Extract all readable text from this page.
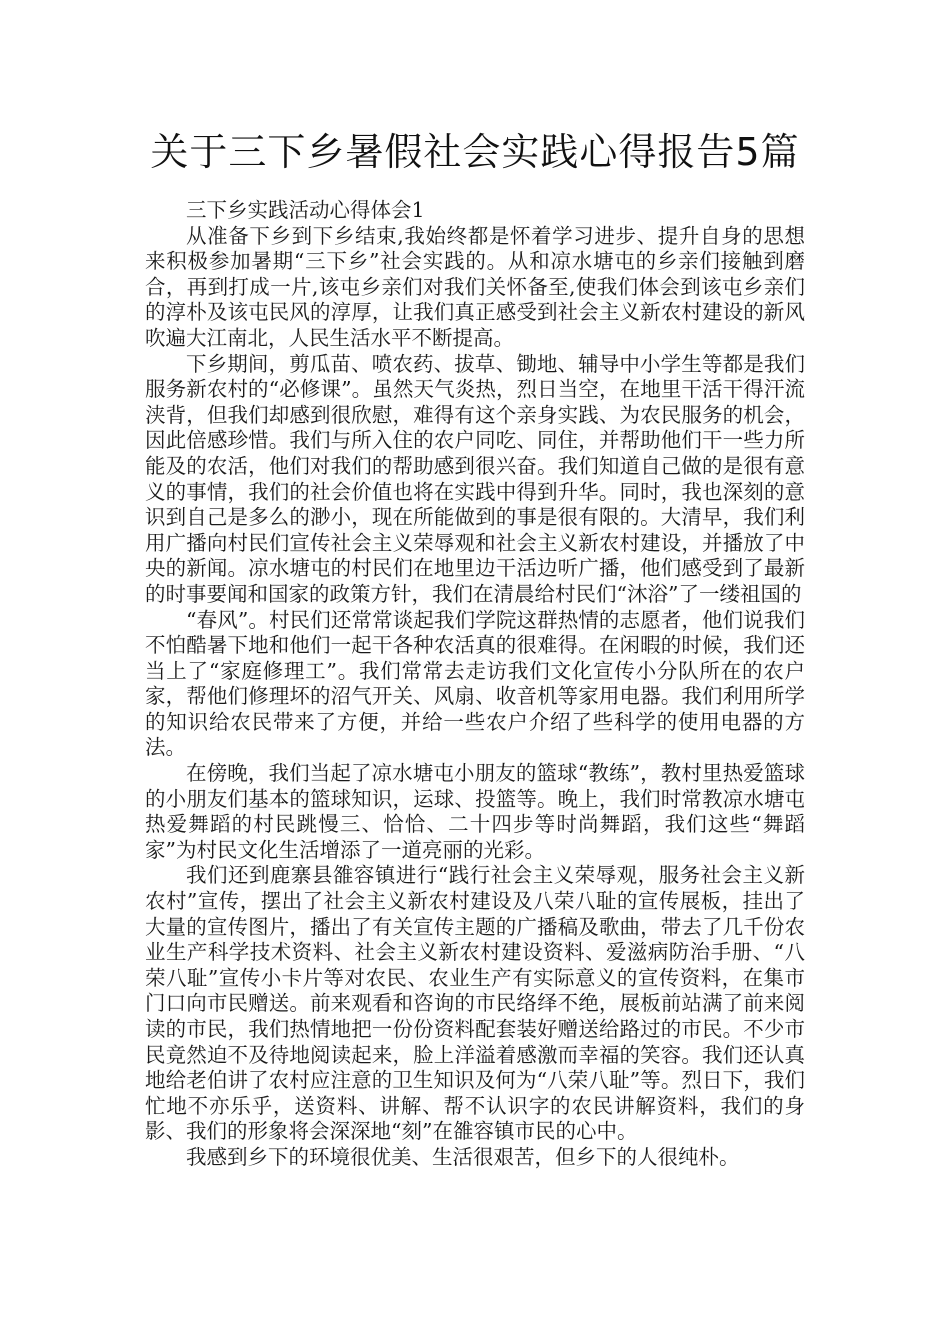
关于三下乡暑假社会实践心得报告5篇

三下乡实践活动心得体会1

从准备下乡到下乡结束,我始终都是怀着学习进步、提升自身的思想来积极参加暑期“三下乡”社会实践的。从和凉水塘屯的乡亲们接触到磨合，再到打成一片,该屯乡亲们对我们关怀备至,使我们体会到该屯乡亲们的淳朴及该屯民风的淳厚，让我们真正感受到社会主义新农村建设的新风吹遍大江南北，人民生活水平不断提高。

下乡期间，剪瓜苗、喷农药、拔草、锄地、辅导中小学生等都是我们服务新农村的“必修课”。虽然天气炎热，烈日当空，在地里干活干得汗流浃背，但我们却感到很欣慰，难得有这个亲身实践、为农民服务的机会，因此倍感珍惜。我们与所入住的农户同吃、同住，并帮助他们干一些力所能及的农活，他们对我们的帮助感到很兴奋。我们知道自己做的是很有意义的事情，我们的社会价值也将在实践中得到升华。同时，我也深刻的意识到自己是多么的渺小，现在所能做到的事是很有限的。大清早，我们利用广播向村民们宣传社会主义荣辱观和社会主义新农村建设，并播放了中央的新闻。凉水塘屯的村民们在地里边干活边听广播，他们感受到了最新的时事要闻和国家的政策方针，我们在清晨给村民们“沐浴”了一缕祖国的

“春风”。村民们还常常谈起我们学院这群热情的志愿者，他们说我们不怕酷暑下地和他们一起干各种农活真的很难得。在闲暇的时候，我们还当上了“家庭修理工”。我们常常去走访我们文化宣传小分队所在的农户家，帮他们修理坏的沼气开关、风扇、收音机等家用电器。我们利用所学的知识给农民带来了方便，并给一些农户介绍了些科学的使用电器的方法。

在傍晚，我们当起了凉水塘屯小朋友的篮球“教练”，教村里热爱篮球的小朋友们基本的篮球知识，运球、投篮等。晚上，我们时常教凉水塘屯热爱舞蹈的村民跳慢三、恰恰、二十四步等时尚舞蹈，我们这些“舞蹈家”为村民文化生活增添了一道亮丽的光彩。

我们还到鹿寨县雒容镇进行“践行社会主义荣辱观，服务社会主义新农村”宣传，摆出了社会主义新农村建设及八荣八耻的宣传展板，挂出了大量的宣传图片，播出了有关宣传主题的广播稿及歌曲，带去了几千份农业生产科学技术资料、社会主义新农村建设资料、爱滋病防治手册、“八荣八耻”宣传小卡片等对农民、农业生产有实际意义的宣传资料，在集市门口向市民赠送。前来观看和咨询的市民络绎不绝，展板前站满了前来阅读的市民，我们热情地把一份份资料配套装好赠送给路过的市民。不少市民竟然迫不及待地阅读起来，脸上洋溢着感激而幸福的笑容。我们还认真地给老伯讲了农村应注意的卫生知识及何为“八荣八耻”等。烈日下，我们忙地不亦乐乎，送资料、讲解、帮不认识字的农民讲解资料，我们的身影、我们的形象将会深深地“刻”在雒容镇市民的心中。

我感到乡下的环境很优美、生活很艰苦，但乡下的人很纯朴。
